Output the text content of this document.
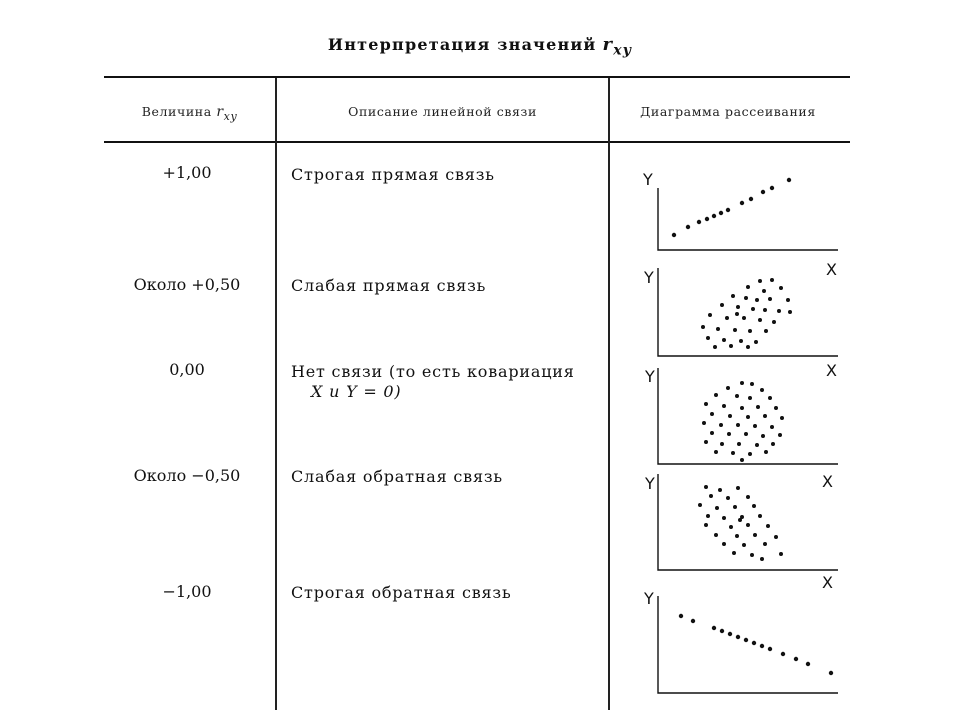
Интерпретация значений $r_{xy}$
Величина $r_{xy}$	Описание линейной связи	Диаграмма рассеивания
+1,00
Около +0,50
0,00
Около −0,50
−1,00
Строгая прямая связь
Слабая прямая связь
Нет связи (то есть ковариация
X и Y = 0)
Слабая обратная связь
Строгая обратная связь
Y
X
Y
X
Y
X
Y
X
Y
